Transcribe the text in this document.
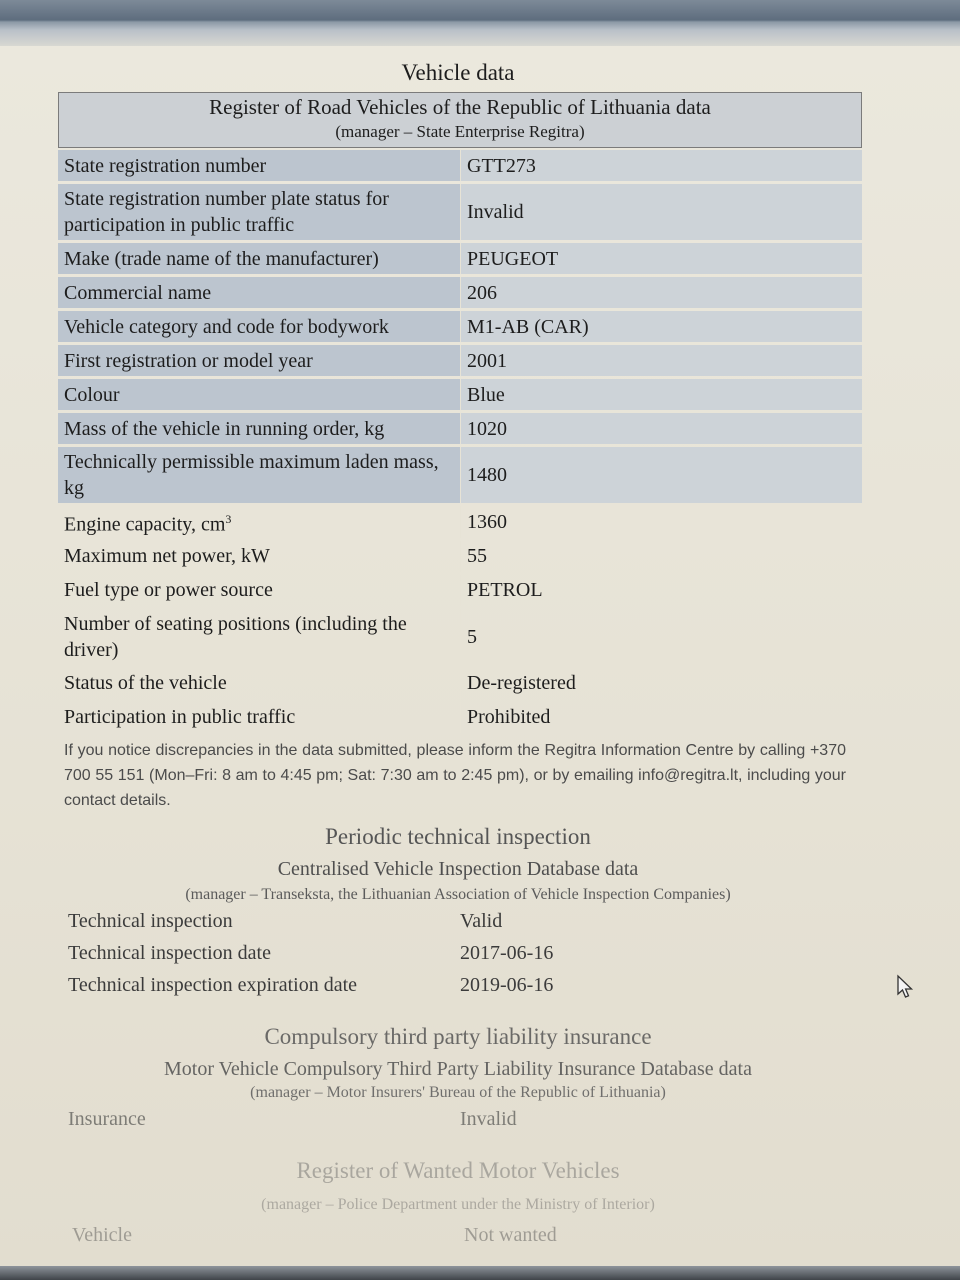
Vehicle data
Register of Road Vehicles of the Republic of Lithuania data
(manager – State Enterprise Regitra)
State registration number	GTT273
State registration number plate status for participation in public traffic	Invalid
Make (trade name of the manufacturer)	PEUGEOT
Commercial name	206
Vehicle category and code for bodywork	M1-AB (CAR)
First registration or model year	2001
Colour	Blue
Mass of the vehicle in running order, kg	1020
Technically permissible maximum laden mass, kg	1480
Engine capacity, $cm^3$	1360
Maximum net power, kW	55
Fuel type or power source	PETROL
Number of seating positions (including the driver)	5
Status of the vehicle	De-registered
Participation in public traffic	Prohibited
If you notice discrepancies in the data submitted, please inform the Regitra Information Centre by calling +370 700 55 151 (Mon–Fri: 8 am to 4:45 pm; Sat: 7:30 am to 2:45 pm), or by emailing info@regitra.lt, including your contact details.
Periodic technical inspection
Centralised Vehicle Inspection Database data
(manager – Transeksta, the Lithuanian Association of Vehicle Inspection Companies)
Technical inspection	Valid
Technical inspection date	2017-06-16
Technical inspection expiration date	2019-06-16
Compulsory third party liability insurance
Motor Vehicle Compulsory Third Party Liability Insurance Database data
(manager – Motor Insurers' Bureau of the Republic of Lithuania)
Insurance	Invalid
Register of Wanted Motor Vehicles
(manager – Police Department under the Ministry of Interior)
Vehicle	Not wanted
